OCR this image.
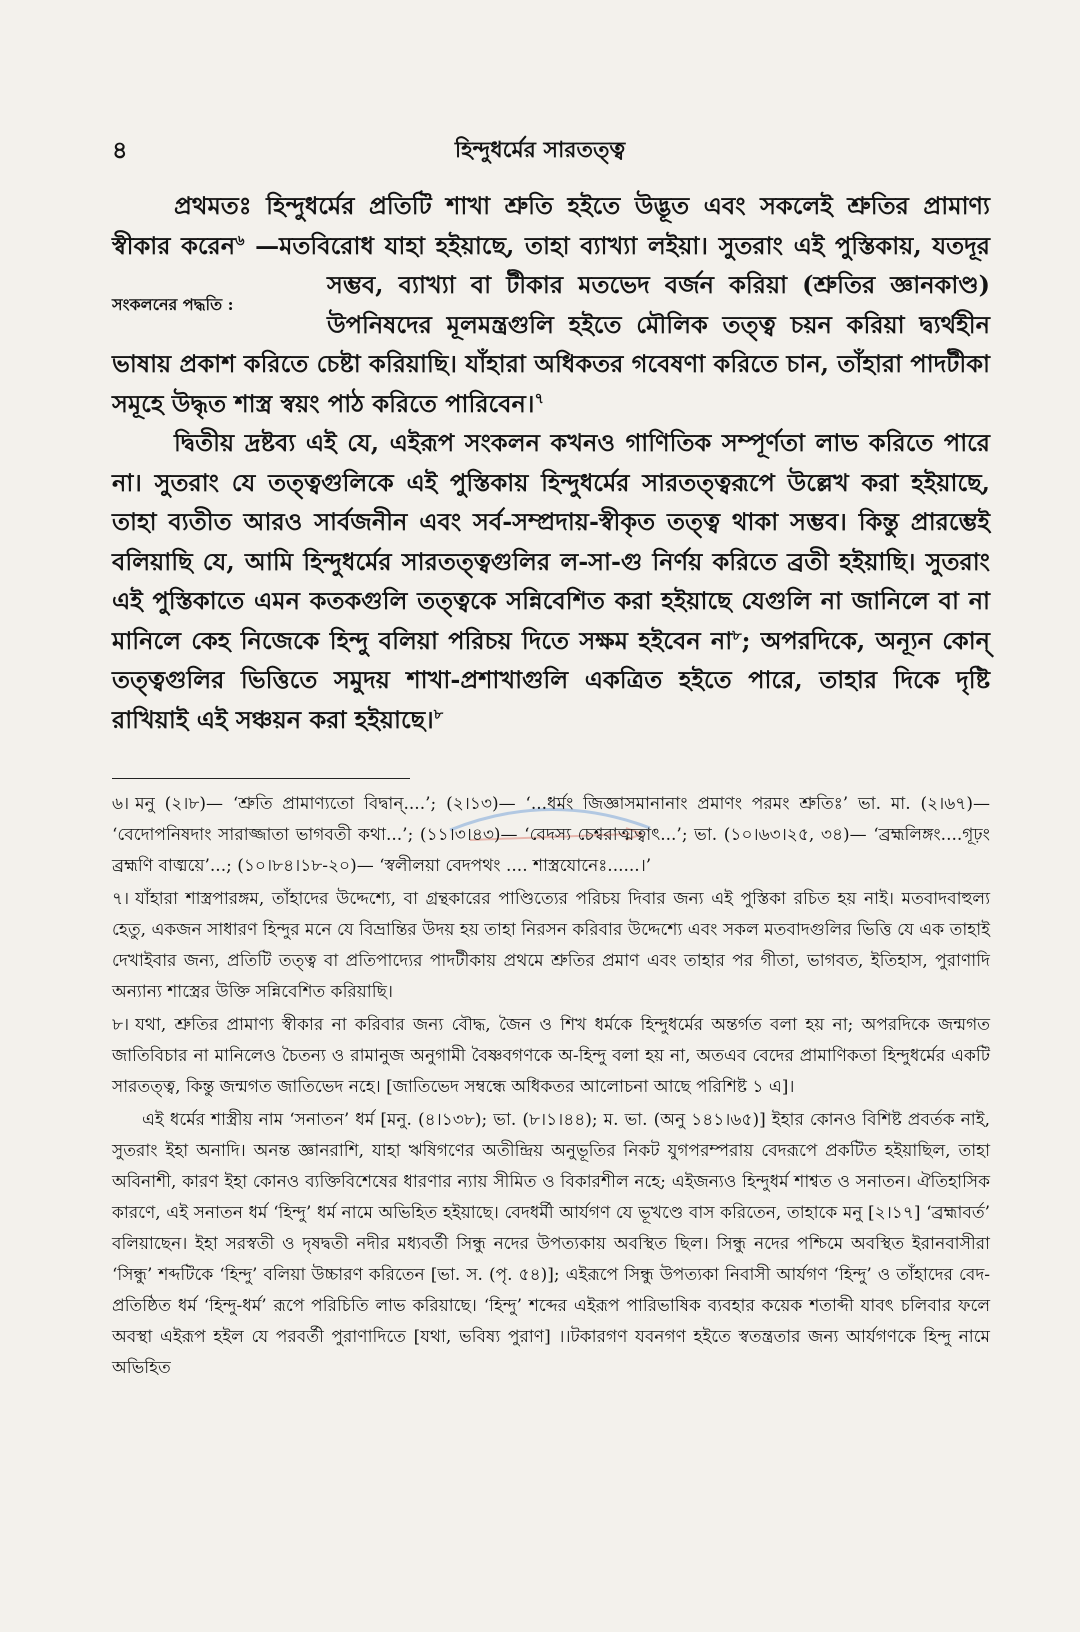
৪	হিন্দুধর্মের সারতত্ত্ব

সংকলনের পদ্ধতি :
প্রথমতঃ হিন্দুধর্মের প্রতিটি শাখা শ্রুতি হইতে উদ্ভূত এবং সকলেই শ্রুতির প্রামাণ্য স্বীকার করেন$^৬$ —মতবিরোধ যাহা হইয়াছে, তাহা ব্যাখ্যা লইয়া। সুতরাং এই পুস্তিকায়, যতদূর সম্ভব, ব্যাখ্যা বা টীকার মতভেদ বর্জন করিয়া (শ্রুতির জ্ঞানকাণ্ড) উপনিষদের মূলমন্ত্রগুলি হইতে মৌলিক তত্ত্ব চয়ন করিয়া দ্ব্যর্থহীন ভাষায় প্রকাশ করিতে চেষ্টা করিয়াছি। যাঁহারা অধিকতর গবেষণা করিতে চান, তাঁহারা পাদটীকা সমূহে উদ্ধৃত শাস্ত্র স্বয়ং পাঠ করিতে পারিবেন।$^৭$

দ্বিতীয় দ্রষ্টব্য এই যে, এইরূপ সংকলন কখনও গাণিতিক সম্পূর্ণতা লাভ করিতে পারে না। সুতরাং যে তত্ত্বগুলিকে এই পুস্তিকায় হিন্দুধর্মের সারতত্ত্বরূপে উল্লেখ করা হইয়াছে, তাহা ব্যতীত আরও সার্বজনীন এবং সর্ব-সম্প্রদায়-স্বীকৃত তত্ত্ব থাকা সম্ভব। কিন্তু প্রারম্ভেই বলিয়াছি যে, আমি হিন্দুধর্মের সারতত্ত্বগুলির ল-সা-গু নির্ণয় করিতে ব্রতী হইয়াছি। সুতরাং এই পুস্তিকাতে এমন কতকগুলি তত্ত্বকে সন্নিবেশিত করা হইয়াছে যেগুলি না জানিলে বা না মানিলে কেহ নিজেকে হিন্দু বলিয়া পরিচয় দিতে সক্ষম হইবেন না$^৮$; অপরদিকে, অন্যূন কোন্ তত্ত্বগুলির ভিত্তিতে সমুদয় শাখা-প্রশাখাগুলি একত্রিত হইতে পারে, তাহার দিকে দৃষ্টি রাখিয়াই এই সঞ্চয়ন করা হইয়াছে।$^৮$

৬। মনু (২।৮)— ‘শ্রুতি প্রামাণ্যতো বিদ্বান্....’; (২।১৩)— ‘...ধর্মং জিজ্ঞাসমানানাং প্রমাণং পরমং শ্রুতিঃ’ ভা. মা. (২।৬৭)— ‘বেদোপনিষদাং সারাজ্জাতা ভাগবতী কথা...’; (১১।৩।৪৩)— ‘বেদস্য চেশ্বরাত্মত্বাৎ...’; ভা. (১০।৬৩।২৫, ৩৪)— ‘ব্রহ্মলিঙ্গং....গূঢ়ং ব্রহ্মণি বাঙ্ময়ে’...; (১০।৮৪।১৮-২০)— ‘স্বলীলয়া বেদপথং .... শাস্ত্রযোনেঃ......।’

৭। যাঁহারা শাস্ত্রপারঙ্গম, তাঁহাদের উদ্দেশ্যে, বা গ্রন্থকারের পাণ্ডিত্যের পরিচয় দিবার জন্য এই পুস্তিকা রচিত হয় নাই। মতবাদবাহুল্য হেতু, একজন সাধারণ হিন্দুর মনে যে বিভ্রান্তির উদয় হয় তাহা নিরসন করিবার উদ্দেশ্যে এবং সকল মতবাদগুলির ভিত্তি যে এক তাহাই দেখাইবার জন্য, প্রতিটি তত্ত্ব বা প্রতিপাদ্যের পাদটীকায় প্রথমে শ্রুতির প্রমাণ এবং তাহার পর গীতা, ভাগবত, ইতিহাস, পুরাণাদি অন্যান্য শাস্ত্রের উক্তি সন্নিবেশিত করিয়াছি।

৮। যথা, শ্রুতির প্রামাণ্য স্বীকার না করিবার জন্য বৌদ্ধ, জৈন ও শিখ ধর্মকে হিন্দুধর্মের অন্তর্গত বলা হয় না; অপরদিকে জন্মগত জাতিবিচার না মানিলেও চৈতন্য ও রামানুজ অনুগামী বৈষ্ণবগণকে অ-হিন্দু বলা হয় না, অতএব বেদের প্রামাণিকতা হিন্দুধর্মের একটি সারতত্ত্ব, কিন্তু জন্মগত জাতিভেদ নহে। [জাতিভেদ সম্বন্ধে অধিকতর আলোচনা আছে পরিশিষ্ট ১ এ]।

এই ধর্মের শাস্ত্রীয় নাম ‘সনাতন’ ধর্ম [মনু. (৪।১৩৮); ভা. (৮।১।৪৪); ম. ভা. (অনু ১৪১।৬৫)] ইহার কোনও বিশিষ্ট প্রবর্তক নাই, সুতরাং ইহা অনাদি। অনন্ত জ্ঞানরাশি, যাহা ঋষিগণের অতীন্দ্রিয় অনুভূতির নিকট যুগপরম্পরায় বেদরূপে প্রকটিত হইয়াছিল, তাহা অবিনাশী, কারণ ইহা কোনও ব্যক্তিবিশেষের ধারণার ন্যায় সীমিত ও বিকারশীল নহে; এইজন্যও হিন্দুধর্ম শাশ্বত ও সনাতন। ঐতিহাসিক কারণে, এই সনাতন ধর্ম ‘হিন্দু’ ধর্ম নামে অভিহিত হইয়াছে। বেদধর্মী আর্যগণ যে ভূখণ্ডে বাস করিতেন, তাহাকে মনু [২।১৭] ‘ব্রহ্মাবর্ত’ বলিয়াছেন। ইহা সরস্বতী ও দৃষদ্বতী নদীর মধ্যবর্তী সিন্ধু নদের উপত্যকায় অবস্থিত ছিল। সিন্ধু নদের পশ্চিমে অবস্থিত ইরানবাসীরা ‘সিন্ধু’ শব্দটিকে ‘হিন্দু’ বলিয়া উচ্চারণ করিতেন [ভা. স. (পৃ. ৫৪)]; এইরূপে সিন্ধু উপত্যকা নিবাসী আর্যগণ ‘হিন্দু’ ও তাঁহাদের বেদ-প্রতিষ্ঠিত ধর্ম ‘হিন্দু-ধর্ম’ রূপে পরিচিতি লাভ করিয়াছে। ‘হিন্দু’ শব্দের এইরূপ পারিভাষিক ব্যবহার কয়েক শতাব্দী যাবৎ চলিবার ফলে অবস্থা এইরূপ হইল যে পরবর্তী পুরাণাদিতে [যথা, ভবিষ্য পুরাণ] ।।টকারগণ যবনগণ হইতে স্বতন্ত্রতার জন্য আর্যগণকে হিন্দু নামে অভিহিত
